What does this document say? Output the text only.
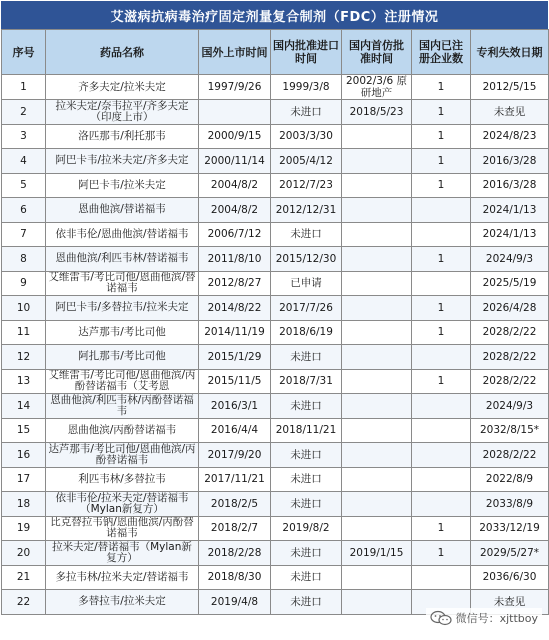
艾滋病抗病毒治疗固定剂量复合制剂（FDC）注册情况
序号	药品名称	国外上市时间	国内批准进口时间	国内首仿批准时间	国内已注册企业数	专利失效日期
1	齐多夫定/拉米夫定	1997/9/26	1999/3/8	2002/3/6 原研地产	1	2012/5/15
2	拉米夫定/奈韦拉平/齐多夫定（印度上市）		未进口	2018/5/23	1	未查见
3	洛匹那韦/利托那韦	2000/9/15	2003/3/30		1	2024/8/23
4	阿巴卡韦/拉米夫定/齐多夫定	2000/11/14	2005/4/12		1	2016/3/28
5	阿巴卡韦/拉米夫定	2004/8/2	2012/7/23		1	2016/3/28
6	恩曲他滨/替诺福韦	2004/8/2	2012/12/31			2024/1/13
7	依非韦伦/恩曲他滨/替诺福韦	2006/7/12	未进口			2024/1/13
8	恩曲他滨/利匹韦林/替诺福韦	2011/8/10	2015/12/30		1	2024/9/3
9	艾维雷韦/考比司他/恩曲他滨/替诺福韦	2012/8/27	已申请			2025/5/19
10	阿巴卡韦/多替拉韦/拉米夫定	2014/8/22	2017/7/26		1	2026/4/28
11	达芦那韦/考比司他	2014/11/19	2018/6/19		1	2028/2/22
12	阿扎那韦/考比司他	2015/1/29	未进口			2028/2/22
13	艾维雷韦/考比司他/恩曲他滨/丙酚替诺福韦（艾考恩	2015/11/5	2018/7/31		1	2028/2/22
14	恩曲他滨/利匹韦林/丙酚替诺福韦	2016/3/1	未进口			2024/9/3
15	恩曲他滨/丙酚替诺福韦	2016/4/4	2018/11/21			2032/8/15*
16	达芦那韦/考比司他/恩曲他滨/丙酚替诺福韦	2017/9/20	未进口			2028/2/22
17	利匹韦林/多替拉韦	2017/11/21	未进口			2022/8/9
18	依非韦伦/拉米夫定/替诺福韦（Mylan新复方）	2018/2/5	未进口			2033/8/9
19	比克替拉韦钠/恩曲他滨/丙酚替诺福韦	2018/2/7	2019/8/2		1	2033/12/19
20	拉米夫定/替诺福韦（Mylan新复方）	2018/2/28	未进口	2019/1/15	1	2029/5/27*
21	多拉韦林/拉米夫定/替诺福韦	2018/8/30	未进口			2036/6/30
22	多替拉韦/拉米夫定	2019/4/8	未进口			未查见
微信号：xjttboy
